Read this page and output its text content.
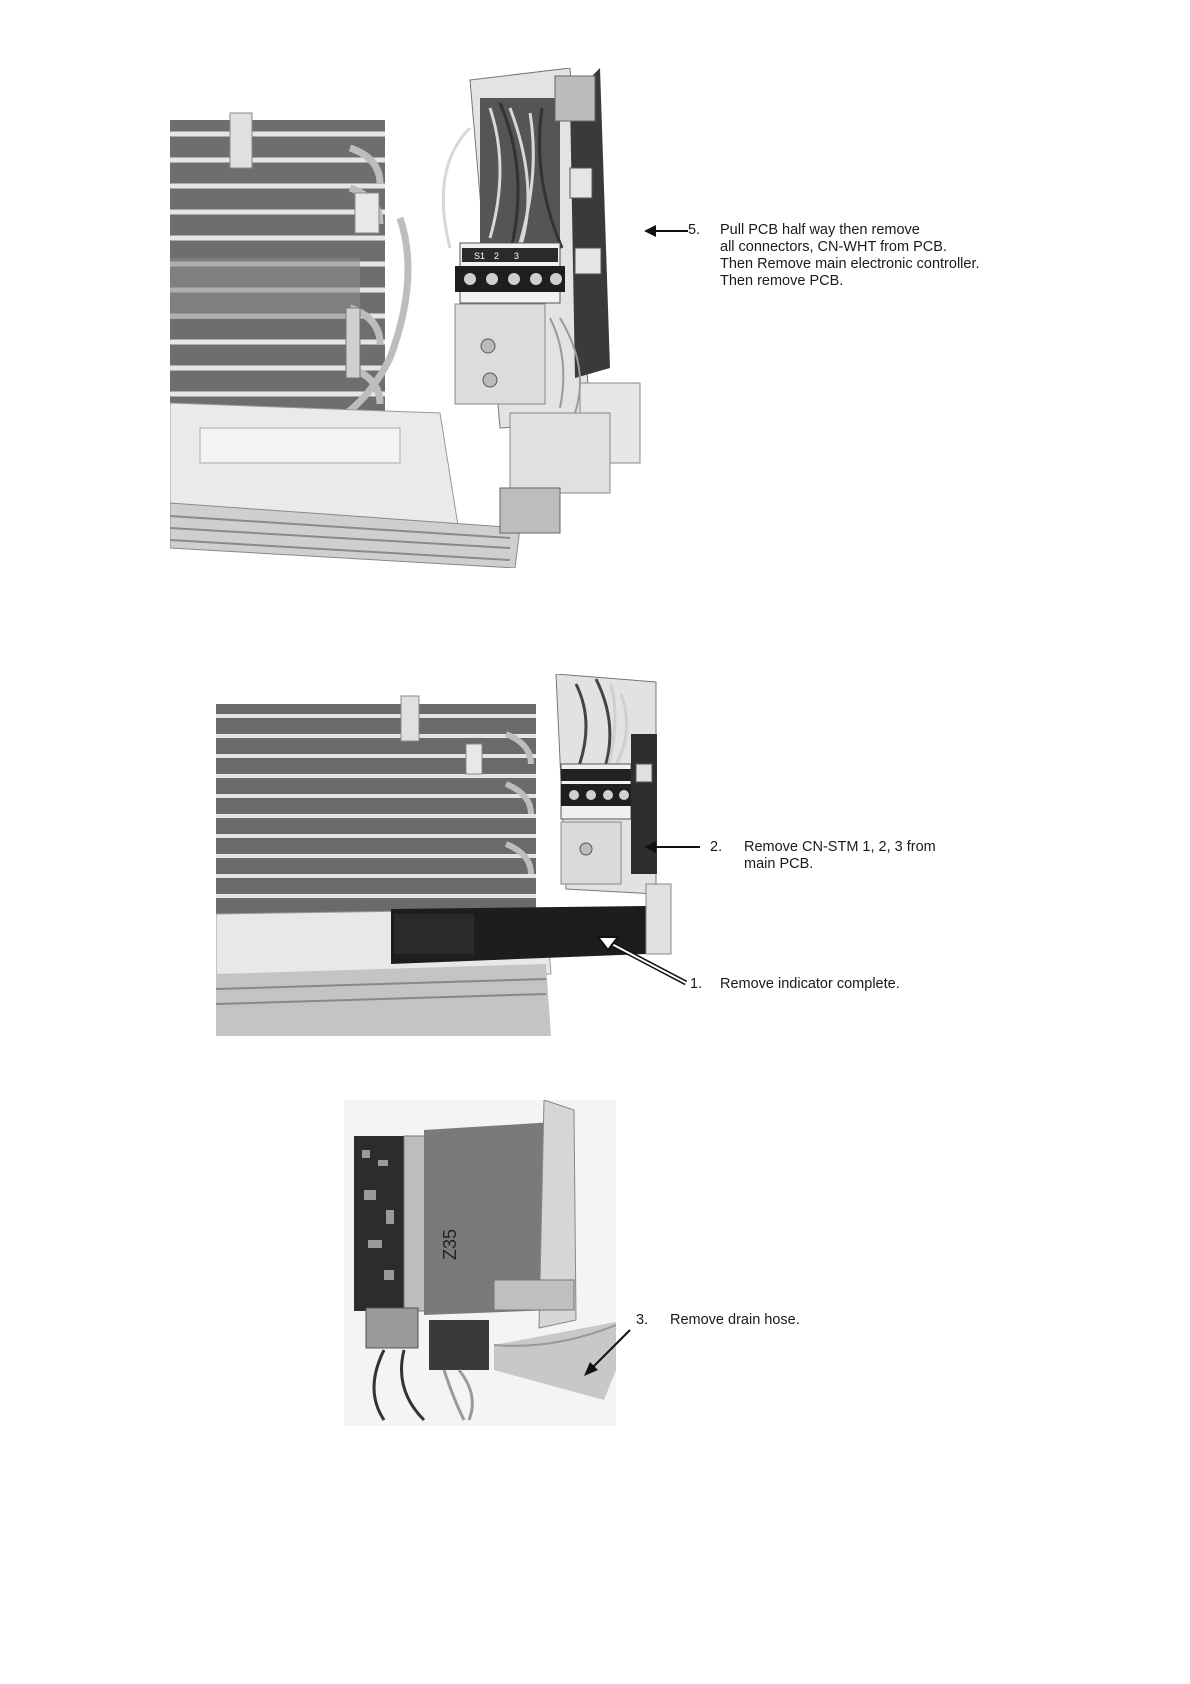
S1 2 3
5. Pull PCB half way then remove
all connectors, CN-WHT from PCB.
Then Remove main electronic controller.
Then remove PCB.
2. Remove CN-STM 1, 2, 3 from
main PCB.
1. Remove indicator complete.
Z35
3. Remove drain hose.
